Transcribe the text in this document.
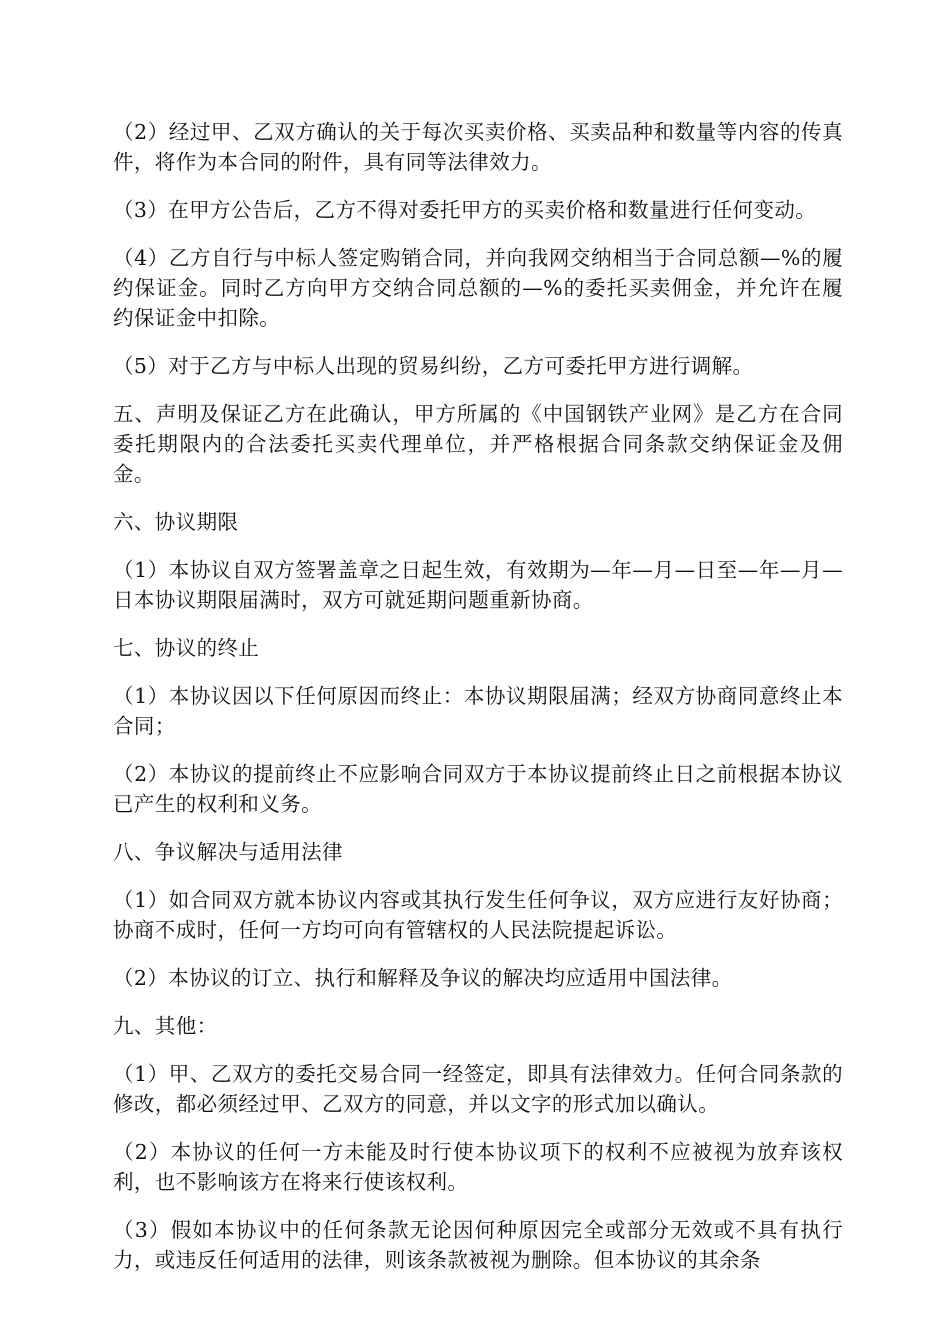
（2）经过甲、乙双方确认的关于每次买卖价格、买卖品种和数量等内容的传真件，将作为本合同的附件，具有同等法律效力。

（3）在甲方公告后，乙方不得对委托甲方的买卖价格和数量进行任何变动。

（4）乙方自行与中标人签定购销合同，并向我网交纳相当于合同总额—%的履约保证金。同时乙方向甲方交纳合同总额的—%的委托买卖佣金，并允许在履约保证金中扣除。

（5）对于乙方与中标人出现的贸易纠纷，乙方可委托甲方进行调解。

五、声明及保证乙方在此确认，甲方所属的《中国钢铁产业网》是乙方在合同委托期限内的合法委托买卖代理单位，并严格根据合同条款交纳保证金及佣金。

六、协议期限

（1）本协议自双方签署盖章之日起生效，有效期为—年—月—日至—年—月—日本协议期限届满时，双方可就延期问题重新协商。

七、协议的终止

（1）本协议因以下任何原因而终止：本协议期限届满；经双方协商同意终止本合同；

（2）本协议的提前终止不应影响合同双方于本协议提前终止日之前根据本协议已产生的权利和义务。

八、争议解决与适用法律

（1）如合同双方就本协议内容或其执行发生任何争议，双方应进行友好协商；协商不成时，任何一方均可向有管辖权的人民法院提起诉讼。

（2）本协议的订立、执行和解释及争议的解决均应适用中国法律。

九、其他：

（1）甲、乙双方的委托交易合同一经签定，即具有法律效力。任何合同条款的修改，都必须经过甲、乙双方的同意，并以文字的形式加以确认。

（2）本协议的任何一方未能及时行使本协议项下的权利不应被视为放弃该权利，也不影响该方在将来行使该权利。

（3）假如本协议中的任何条款无论因何种原因完全或部分无效或不具有执行力，或违反任何适用的法律，则该条款被视为删除。但本协议的其余条
